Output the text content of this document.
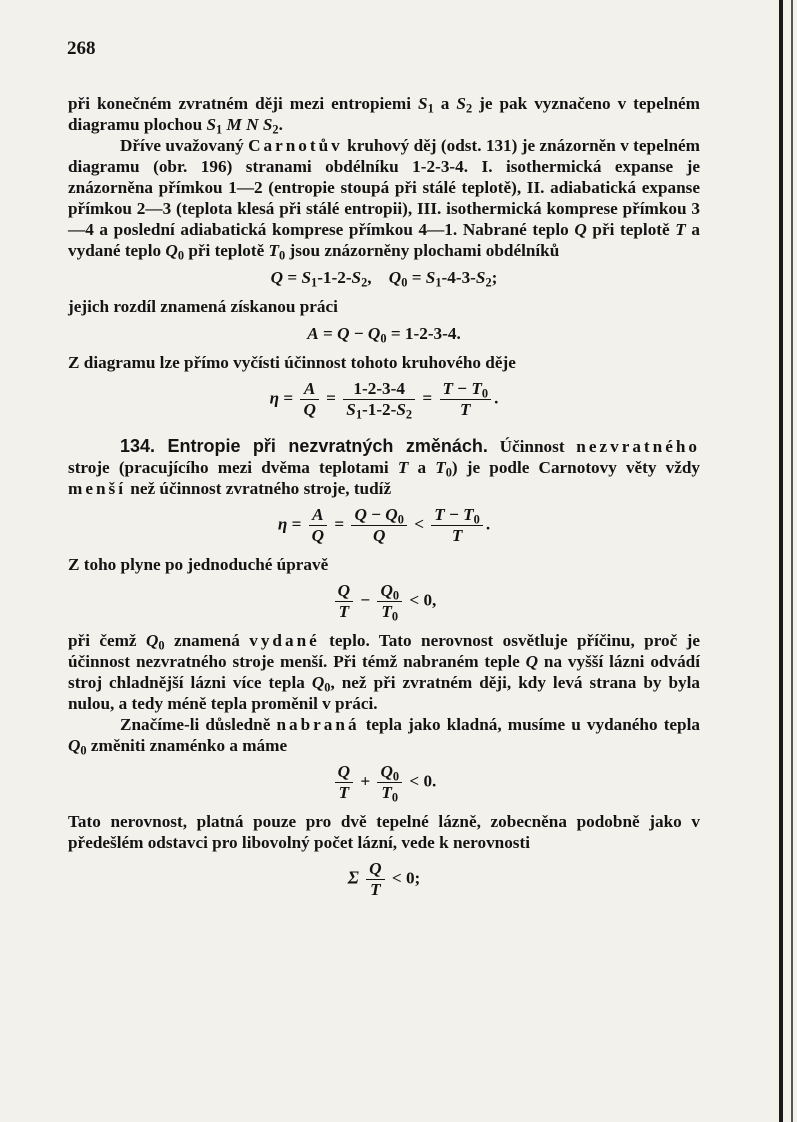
268

při konečném zvratném ději mezi entropiemi $S_1$ a $S_2$ je pak vyznačeno v tepelném diagramu plochou $S_1$ M N $S_2$.

Dříve uvažovaný Carnotův kruhový děj (odst. 131) je znázorněn v tepelném diagramu (obr. 196) stranami obdélníku 1-2-3-4. I. isothermická expanse je znázorněna přímkou 1—2 (entropie stoupá při stálé teplotě), II. adiabatická expanse přímkou 2—3 (teplota klesá při stálé entropii), III. isothermická komprese přímkou 3—4 a poslední adiabatická komprese přímkou 4—1. Nabrané teplo Q při teplotě T a vydané teplo $Q_0$ při teplotě $T_0$ jsou znázorněny plochami obdélníků

$Q = S_1-1-2-S_2$,    $Q_0 = S_1-4-3-S_2$;

jejich rozdíl znamená získanou práci

$A = Q - Q_0 = 1-2-3-4$.

Z diagramu lze přímo vyčísti účinnost tohoto kruhového děje

$\eta = \frac{A}{Q} = \frac{1-2-3-4}{S_1-1-2-S_2} = \frac{T - T_0}{T}$ .

134. Entropie při nezvratných změnách. Účinnost nezvratného stroje (pracujícího mezi dvěma teplotami T a $T_0$) je podle Carnotovy věty vždy menší než účinnost zvratného stroje, tudíž

$\eta = \frac{A}{Q} = \frac{Q - Q_0}{Q} < \frac{T - T_0}{T}$ .

Z toho plyne po jednoduché úpravě

$\frac{Q}{T} - \frac{Q_0}{T_0} < 0$,

při čemž $Q_0$ znamená vydané teplo. Tato nerovnost osvětluje příčinu, proč je účinnost nezvratného stroje menší. Při témž nabraném teple Q na vyšší lázni odvádí stroj chladnější lázni více tepla $Q_0$, než při zvratném ději, kdy levá strana by byla nulou, a tedy méně tepla proměnil v práci.

Značíme-li důsledně nabraná tepla jako kladná, musíme u vydaného tepla $Q_0$ změniti znaménko a máme

$\frac{Q}{T} + \frac{Q_0}{T_0} < 0$.

Tato nerovnost, platná pouze pro dvě tepelné lázně, zobecněna podobně jako v předešlém odstavci pro libovolný počet lázní, vede k nerovnosti

Σ $\frac{Q}{T} < 0$;
